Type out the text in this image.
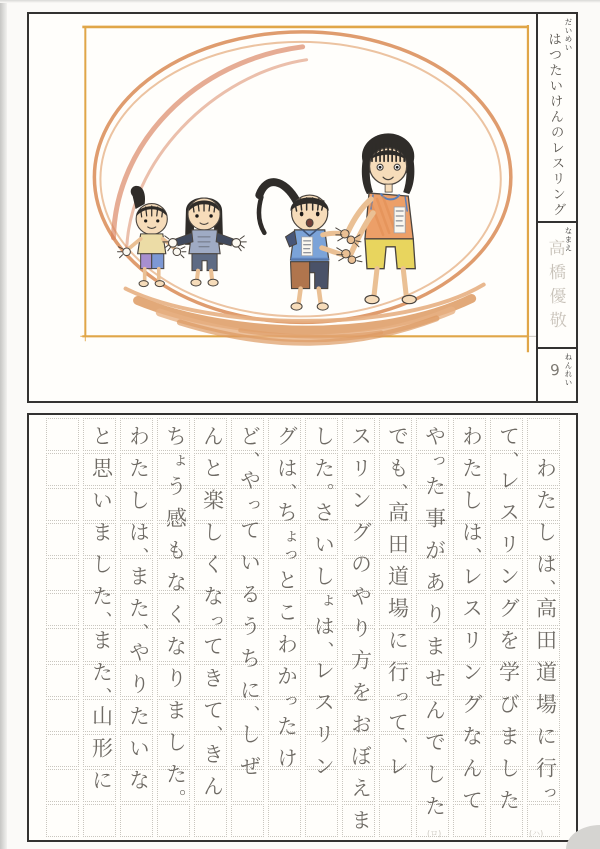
だいめい
はつたいけんのレスリング
なまえ
高橋優敬
ねんれい
9
　わたしは、高田道場に行っ
て、レスリングを学びました
わたしは、レスリングなんて
やった事がありませんでした
でも、高田道場に行って、レ
スリングのやり方をおぼえま
した。さいしょは、レスリン
グは、ちょっとこわかったけ
ど、やっているうちに、しぜ
んと楽しくなってきて、きん
ちょう感もなくなりました。
わたしは、また、やりたいな
と思いました、また、山形に
(ロ)	(ハ)
